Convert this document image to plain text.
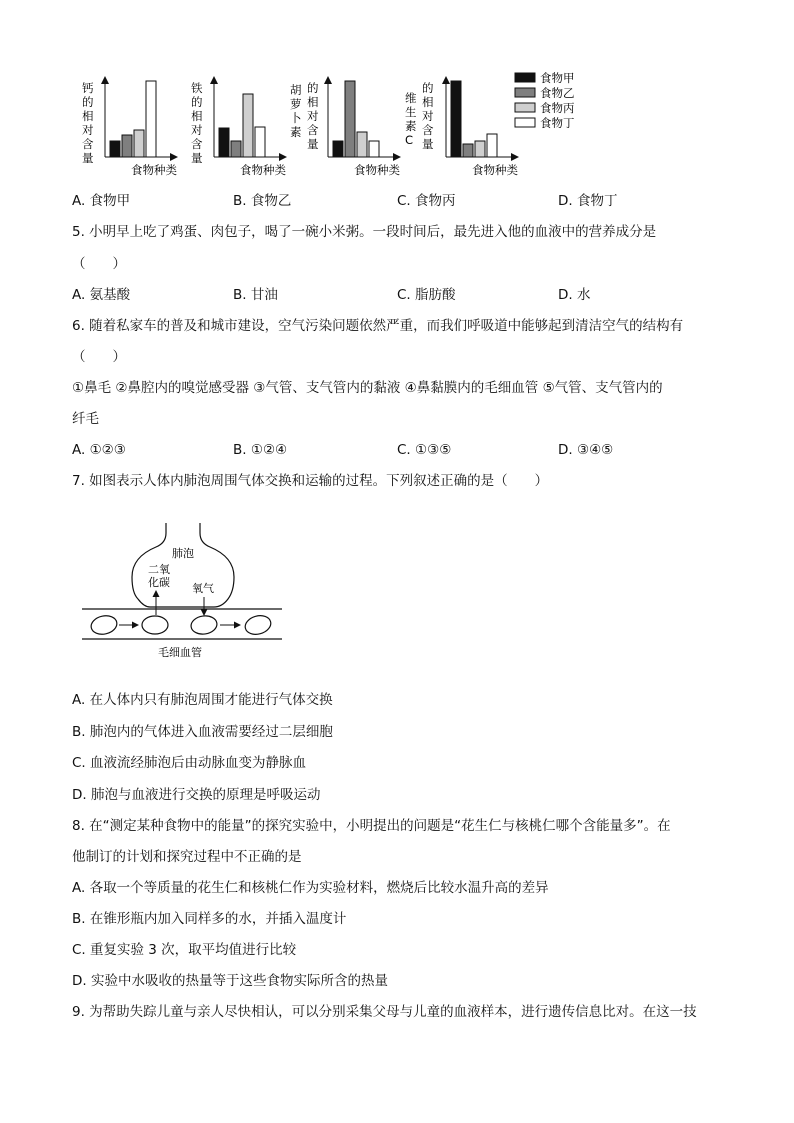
钙
的
相
对
含
量
食物种类
铁
的
相
对
含
量
食物种类
胡
萝
卜
素
的
相
对
含
量
食物种类
维
生
素
C
的
相
对
含
量
食物种类
食物甲
食物乙
食物丙
食物丁
A. 食物甲	B. 食物乙	C. 食物丙	D. 食物丁
5. 小明早上吃了鸡蛋、肉包子，喝了一碗小米粥。一段时间后，最先进入他的血液中的营养成分是
（　　）
A. 氨基酸	B. 甘油	C. 脂肪酸	D. 水
6. 随着私家车的普及和城市建设，空气污染问题依然严重，而我们呼吸道中能够起到清洁空气的结构有
（　　）
①鼻毛 ②鼻腔内的嗅觉感受器 ③气管、支气管内的黏液 ④鼻黏膜内的毛细血管 ⑤气管、支气管内的
纤毛
A. ①②③	B. ①②④	C. ①③⑤	D. ③④⑤
7. 如图表示人体内肺泡周围气体交换和运输的过程。下列叙述正确的是（　　）
肺泡
二氧
化碳 氧气
毛细血管
A. 在人体内只有肺泡周围才能进行气体交换
B. 肺泡内的气体进入血液需要经过二层细胞
C. 血液流经肺泡后由动脉血变为静脉血
D. 肺泡与血液进行交换的原理是呼吸运动
8. 在“测定某种食物中的能量”的探究实验中，小明提出的问题是“花生仁与核桃仁哪个含能量多”。在
他制订的计划和探究过程中不正确的是
A. 各取一个等质量的花生仁和核桃仁作为实验材料，燃烧后比较水温升高的差异
B. 在锥形瓶内加入同样多的水，并插入温度计
C. 重复实验 3 次，取平均值进行比较
D. 实验中水吸收的热量等于这些食物实际所含的热量
9. 为帮助失踪儿童与亲人尽快相认，可以分别采集父母与儿童的血液样本，进行遗传信息比对。在这一技
